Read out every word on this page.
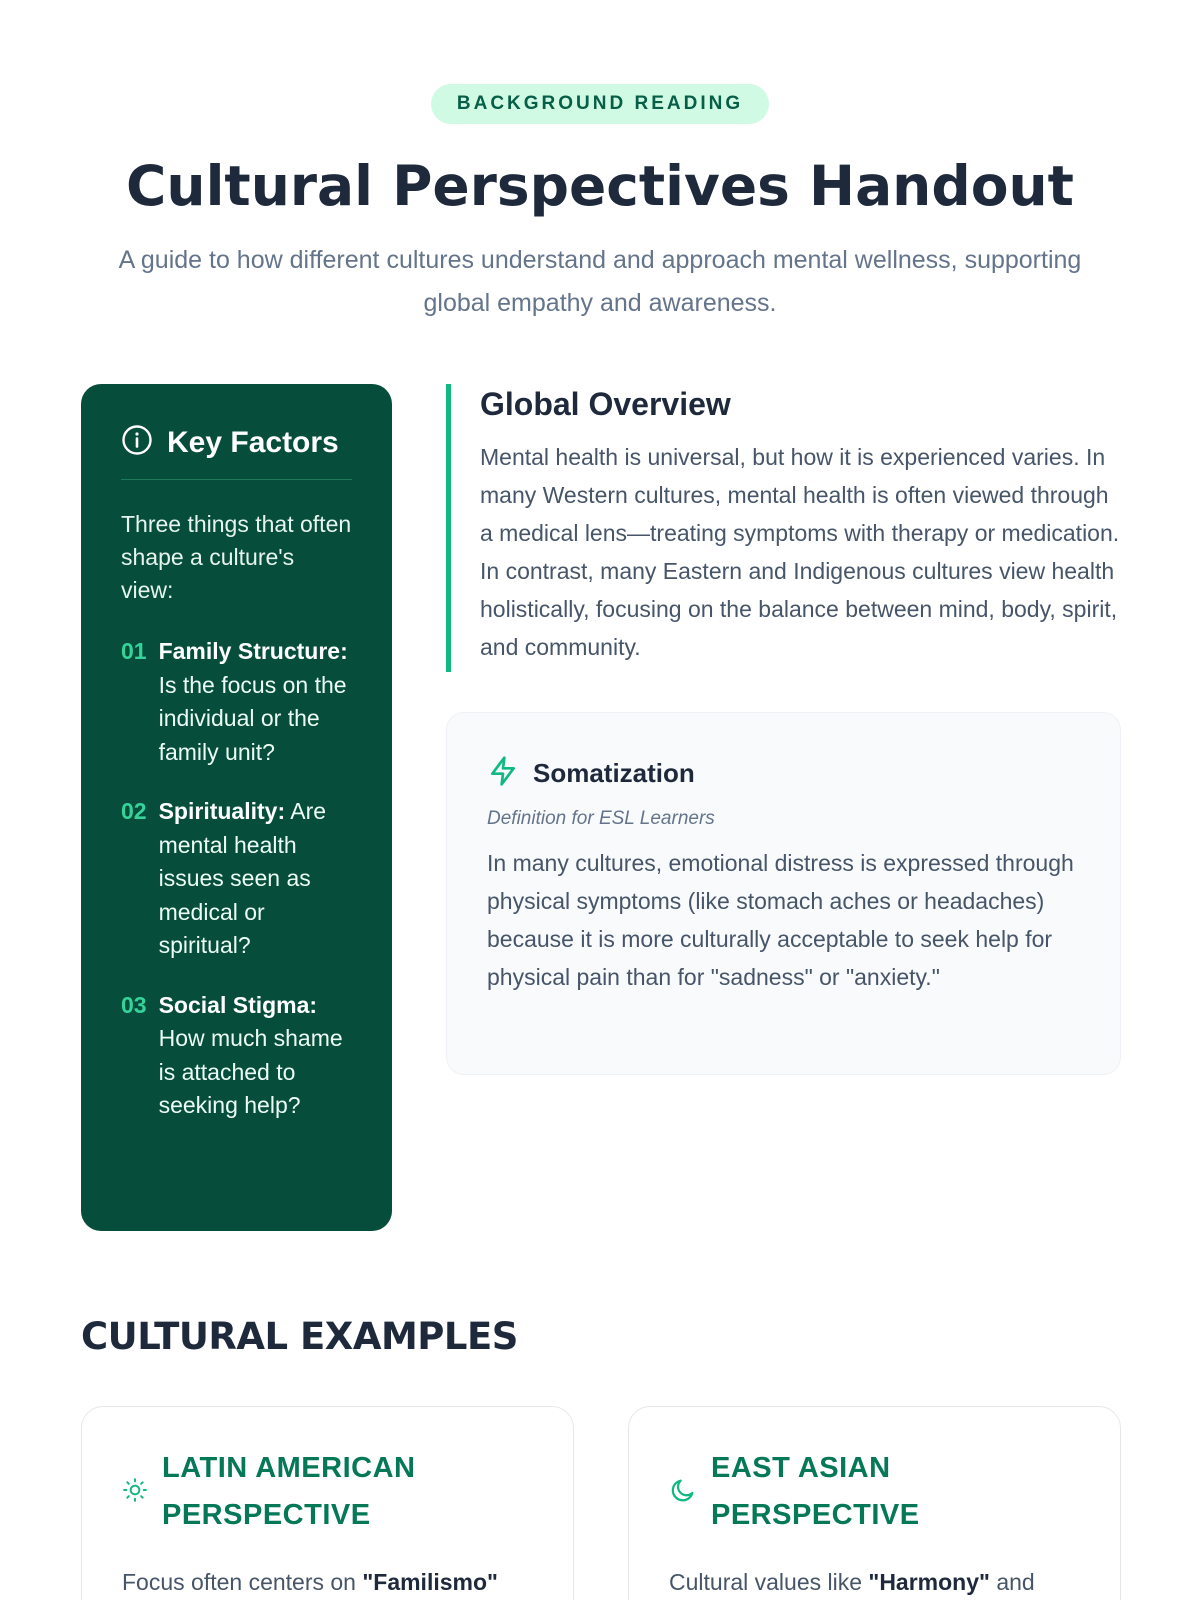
BACKGROUND READING
Cultural Perspectives Handout

A guide to how different cultures understand and approach mental wellness, supporting global empathy and awareness.

Key Factors

Three things that often shape a culture's view:

01 Family Structure: Is the focus on the individual or the family unit?
02 Spirituality: Are mental health issues seen as medical or spiritual?
03 Social Stigma: How much shame is attached to seeking help?
Global Overview

Mental health is universal, but how it is experienced varies. In many Western cultures, mental health is often viewed through a medical lens—treating symptoms with therapy or medication. In contrast, many Eastern and Indigenous cultures view health holistically, focusing on the balance between mind, body, spirit, and community.

Somatization

Definition for ESL Learners

In many cultures, emotional distress is expressed through physical symptoms (like stomach aches or headaches) because it is more culturally acceptable to seek help for physical pain than for "sadness" or "anxiety."

CULTURAL EXAMPLES
LATIN AMERICAN PERSPECTIVE

Focus often centers on "Familismo"

EAST ASIAN PERSPECTIVE

Cultural values like "Harmony" and
